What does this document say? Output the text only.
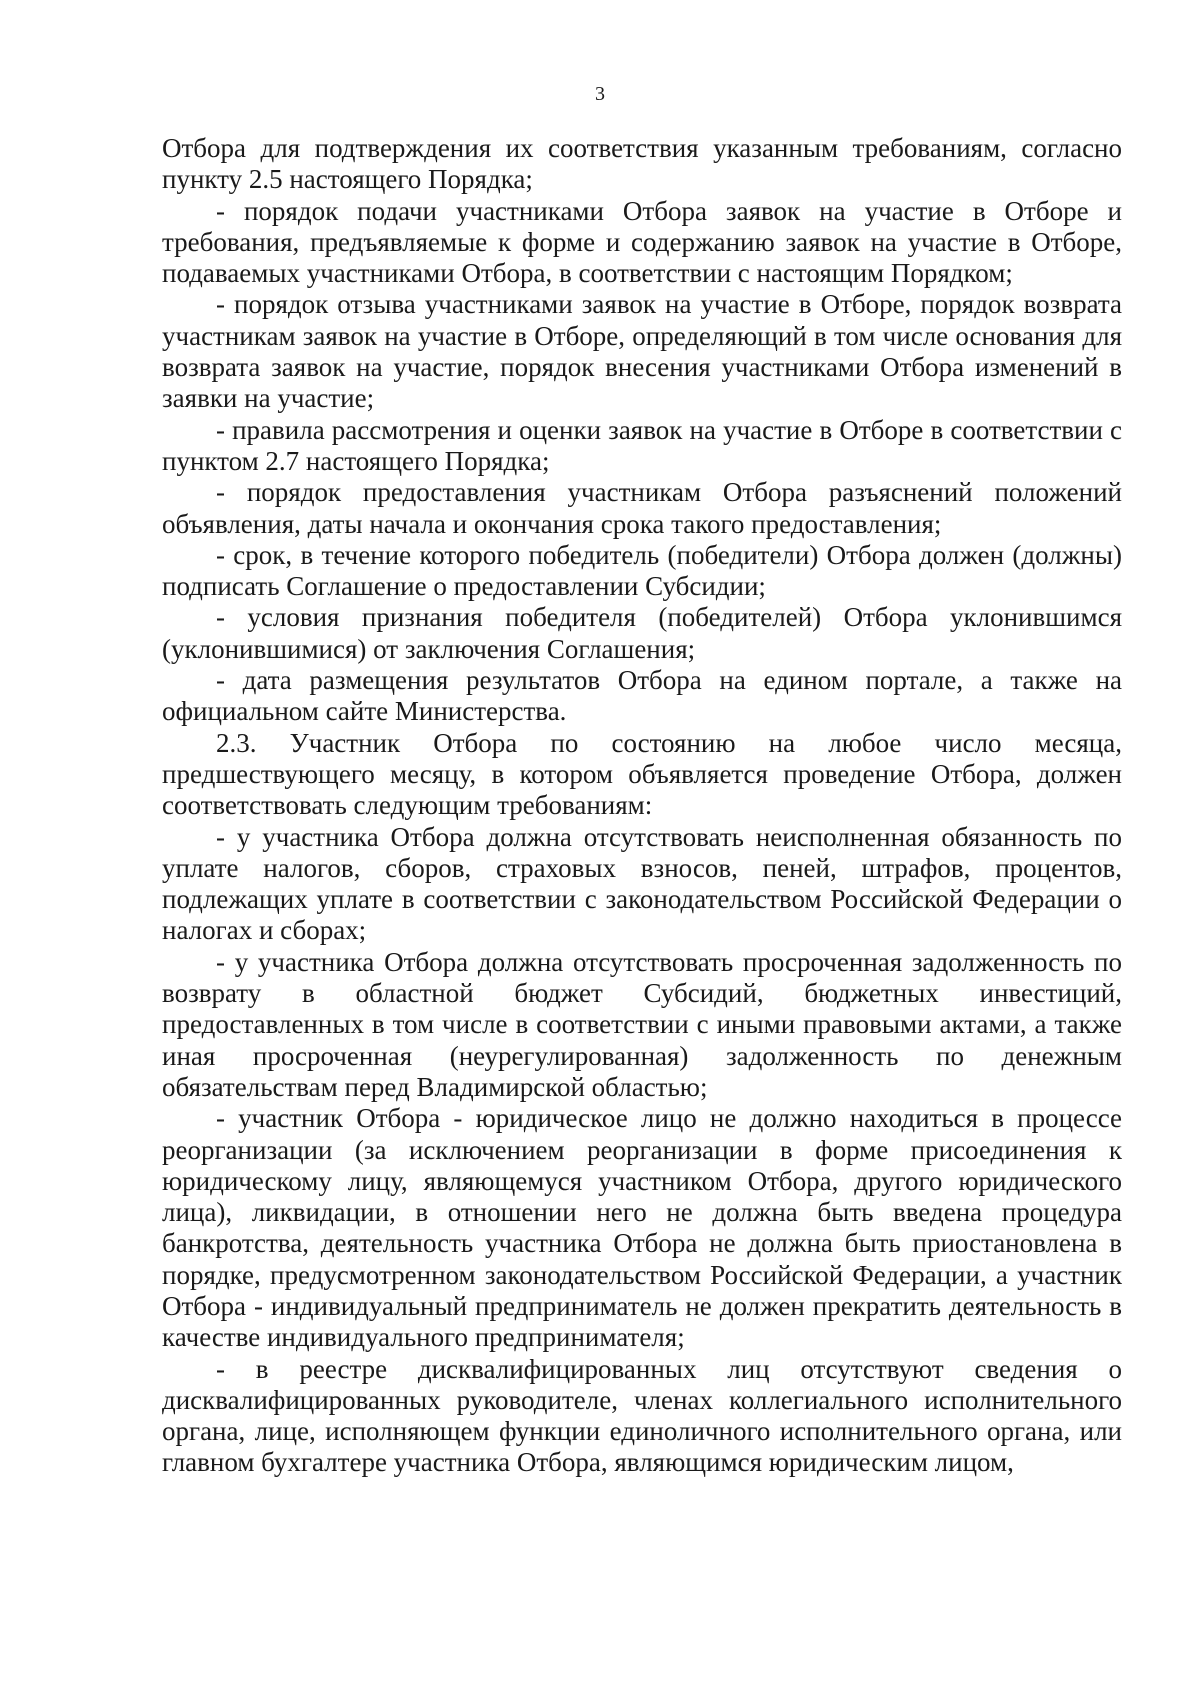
3

Отбора для подтверждения их соответствия указанным требованиям, согласно пункту 2.5 настоящего Порядка;

- порядок подачи участниками Отбора заявок на участие в Отборе и требования, предъявляемые к форме и содержанию заявок на участие в Отборе, подаваемых участниками Отбора, в соответствии с настоящим Порядком;

- порядок отзыва участниками заявок на участие в Отборе, порядок возврата участникам заявок на участие в Отборе, определяющий в том числе основания для возврата заявок на участие, порядок внесения участниками Отбора изменений в заявки на участие;

- правила рассмотрения и оценки заявок на участие в Отборе в соответствии с пунктом 2.7 настоящего Порядка;

- порядок предоставления участникам Отбора разъяснений положений объявления, даты начала и окончания срока такого предоставления;

- срок, в течение которого победитель (победители) Отбора должен (должны) подписать Соглашение о предоставлении Субсидии;

- условия признания победителя (победителей) Отбора уклонившимся (уклонившимися) от заключения Соглашения;

- дата размещения результатов Отбора на едином портале, а также на официальном сайте Министерства.

2.3. Участник Отбора по состоянию на любое число месяца, предшествующего месяцу, в котором объявляется проведение Отбора, должен соответствовать следующим требованиям:

- у участника Отбора должна отсутствовать неисполненная обязанность по уплате налогов, сборов, страховых взносов, пеней, штрафов, процентов, подлежащих уплате в соответствии с законодательством Российской Федерации о налогах и сборах;

- у участника Отбора должна отсутствовать просроченная задолженность по возврату в областной бюджет Субсидий, бюджетных инвестиций, предоставленных в том числе в соответствии с иными правовыми актами, а также иная просроченная (неурегулированная) задолженность по денежным обязательствам перед Владимирской областью;

- участник Отбора - юридическое лицо не должно находиться в процессе реорганизации (за исключением реорганизации в форме присоединения к юридическому лицу, являющемуся участником Отбора, другого юридического лица), ликвидации, в отношении него не должна быть введена процедура банкротства, деятельность участника Отбора не должна быть приостановлена в порядке, предусмотренном законодательством Российской Федерации, а участник Отбора - индивидуальный предприниматель не должен прекратить деятельность в качестве индивидуального предпринимателя;

- в реестре дисквалифицированных лиц отсутствуют сведения о дисквалифицированных руководителе, членах коллегиального исполнительного органа, лице, исполняющем функции единоличного исполнительного органа, или главном бухгалтере участника Отбора, являющимся юридическим лицом,
